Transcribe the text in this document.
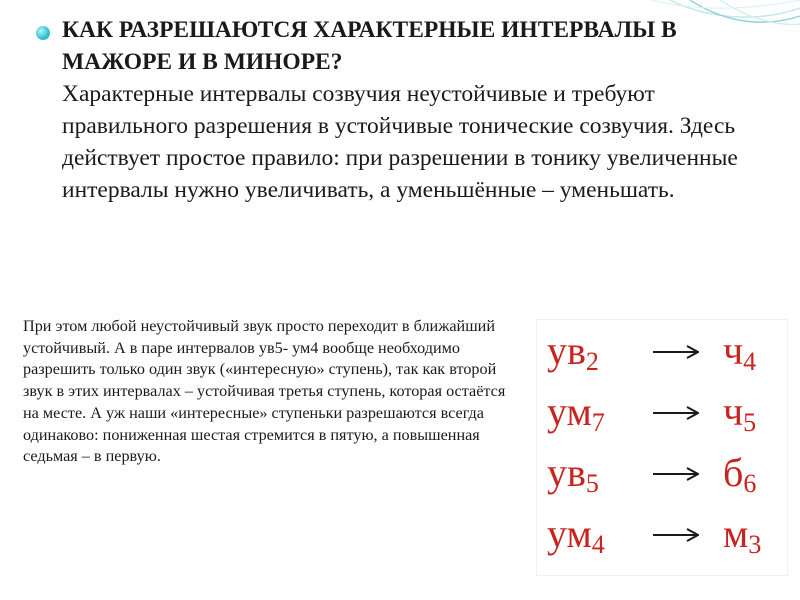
КАК РАЗРЕШАЮТСЯ ХАРАКТЕРНЫЕ ИНТЕРВАЛЫ В МАЖОРЕ И В МИНОРЕ?

Характерные интервалы созвучия неустойчивые и требуют правильного разрешения в устойчивые тонические созвучия. Здесь действует простое правило: при разрешении в тонику увеличенные интервалы нужно увеличивать, а уменьшённые – уменьшать.

При этом любой неустойчивый звук просто переходит в ближайший устойчивый. А в паре интервалов ув5- ум4 вообще необходимо разрешить только один звук («интересную» ступень), так как второй звук в этих интервалах – устойчивая третья ступень, которая остаётся на месте. А уж наши «интересные» ступеньки разрешаются всегда одинаково: пониженная шестая стремится в пятую, а повышенная седьмая – в первую.

$ув_2$	$ч_4$
$ум_7$	$ч_5$
$ув_5$	$б_6$
$ум_4$	$м_3$
